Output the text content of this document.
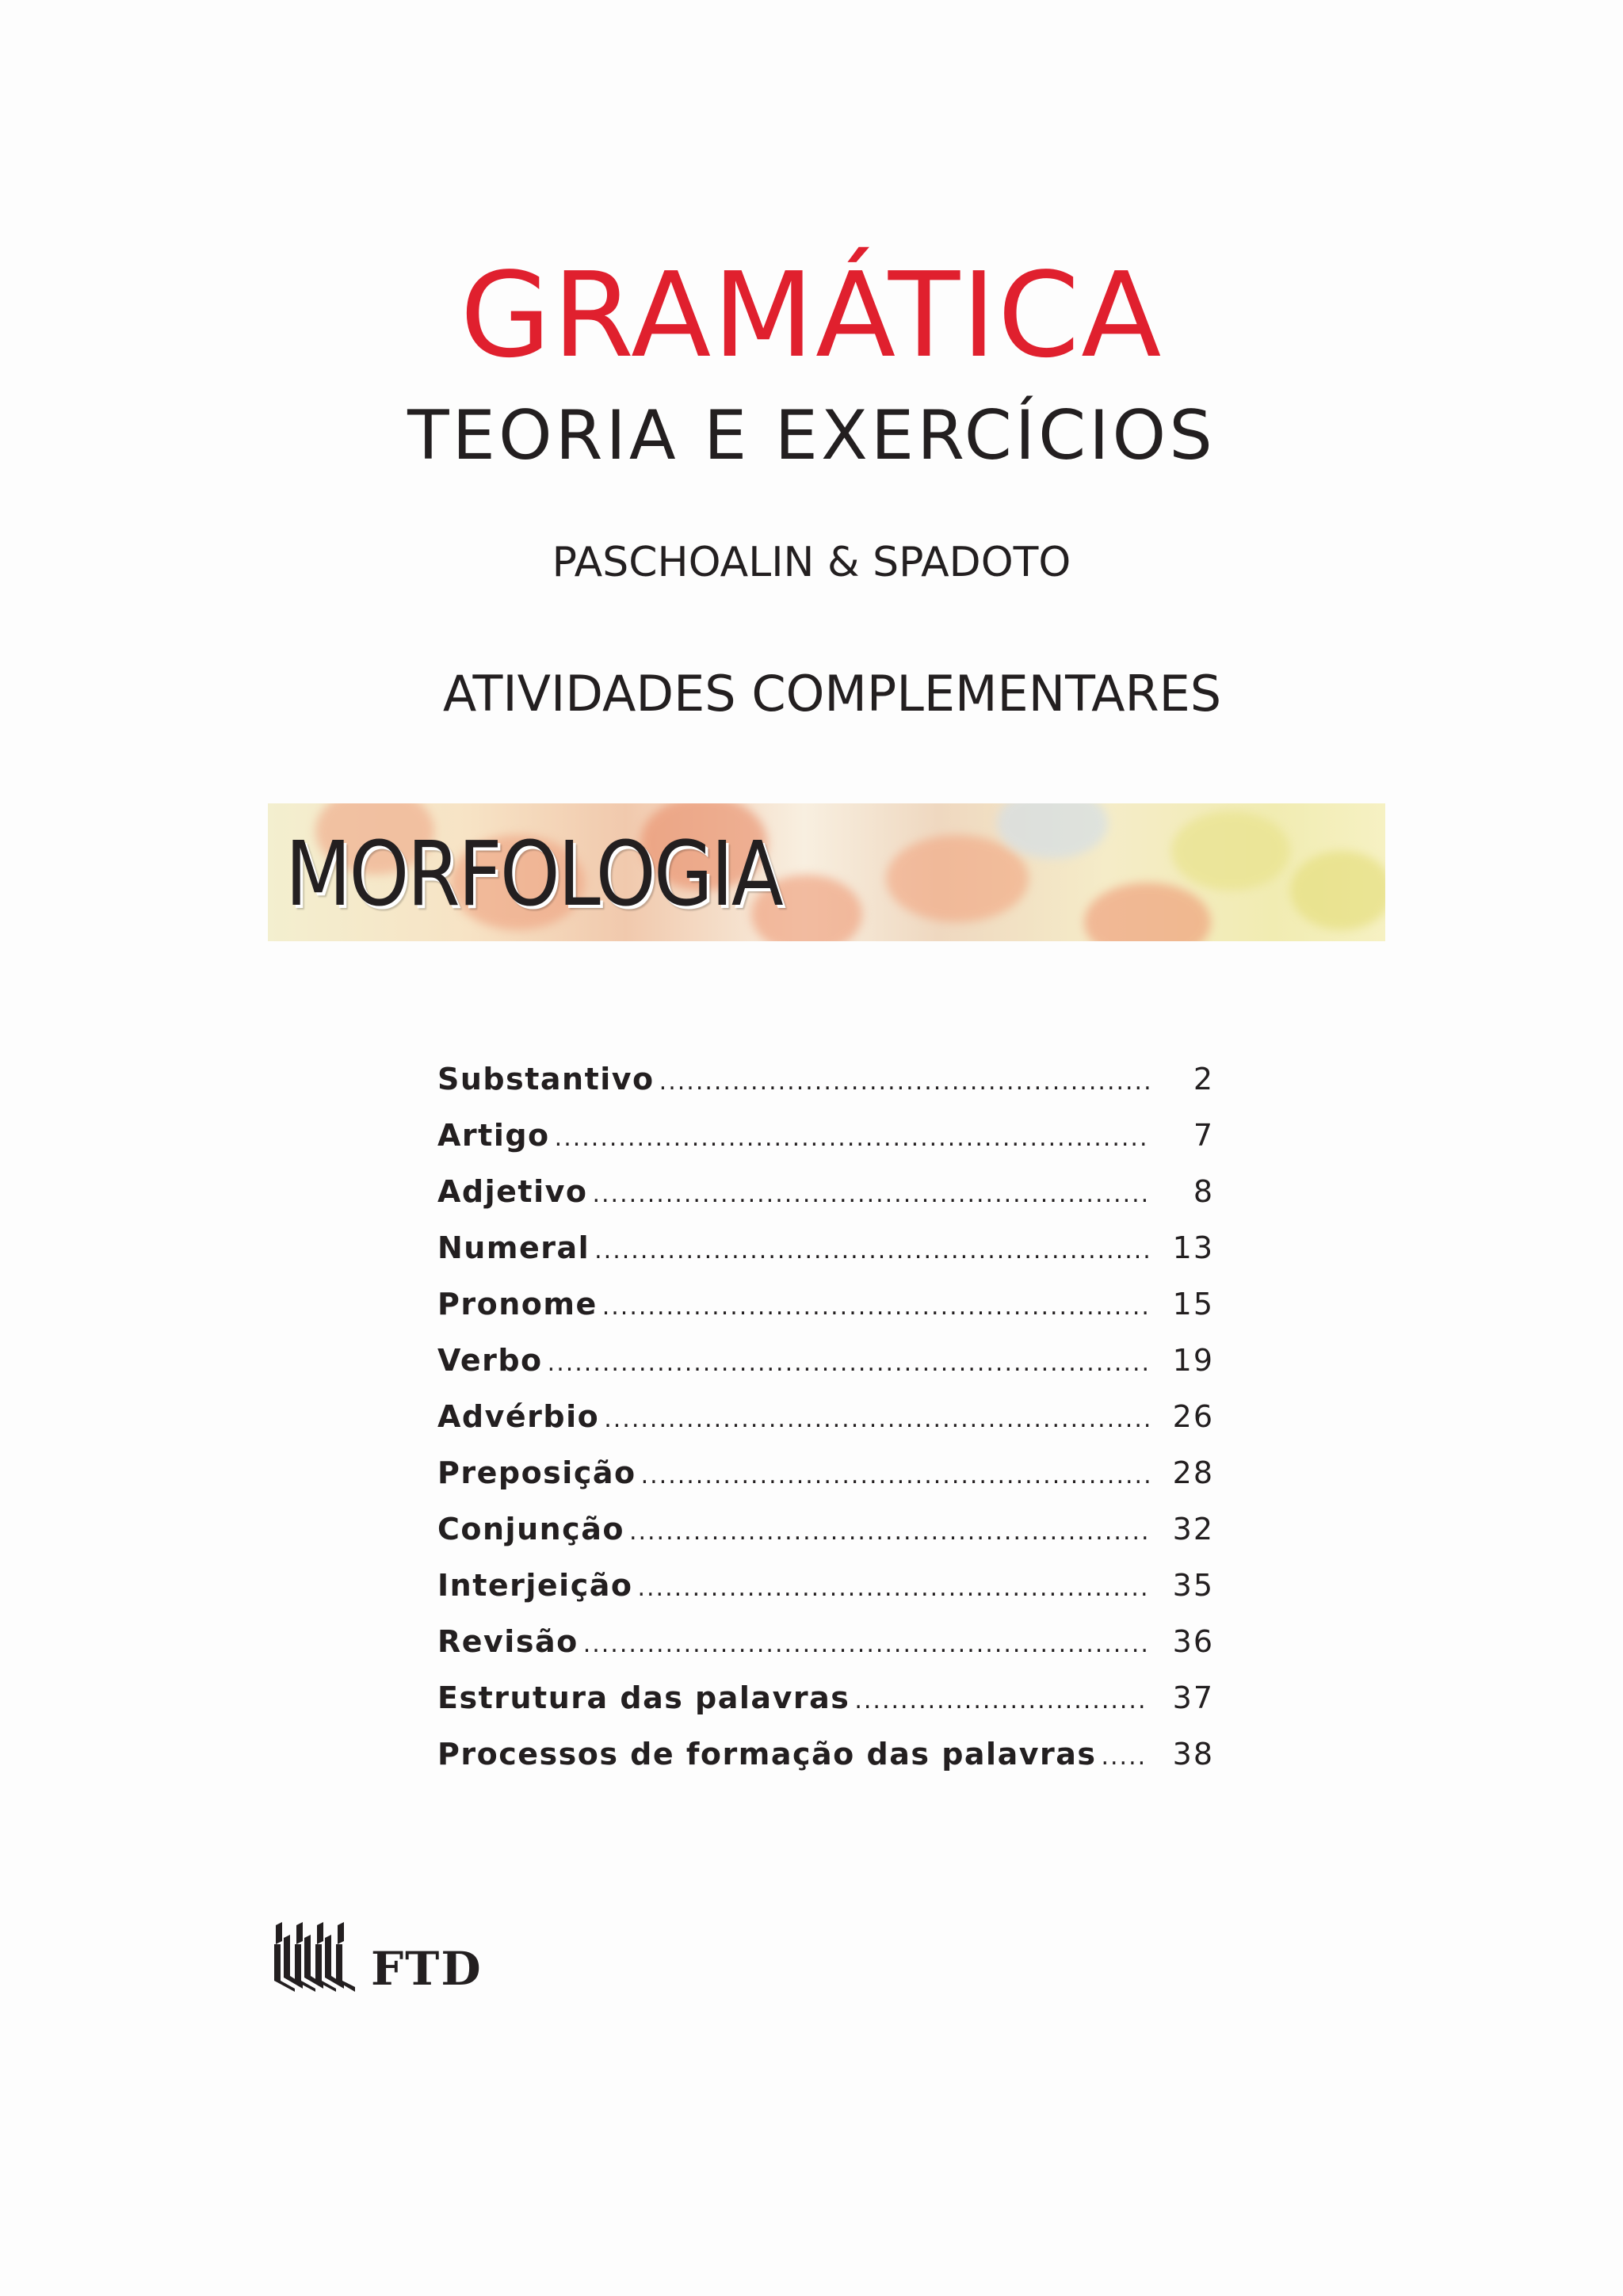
GRAMÁTICA
TEORIA E EXERCÍCIOS
PASCHOALIN & SPADOTO
ATIVIDADES COMPLEMENTARES
MORFOLOGIA
Substantivo .....	2
Artigo .....	7
Adjetivo .....	8
Numeral .....	13
Pronome .....	15
Verbo .....	19
Advérbio .....	26
Preposição .....	28
Conjunção .....	32
Interjeição .....	35
Revisão .....	36
Estrutura das palavras .....	37
Processos de formação das palavras .....	38
FTD
